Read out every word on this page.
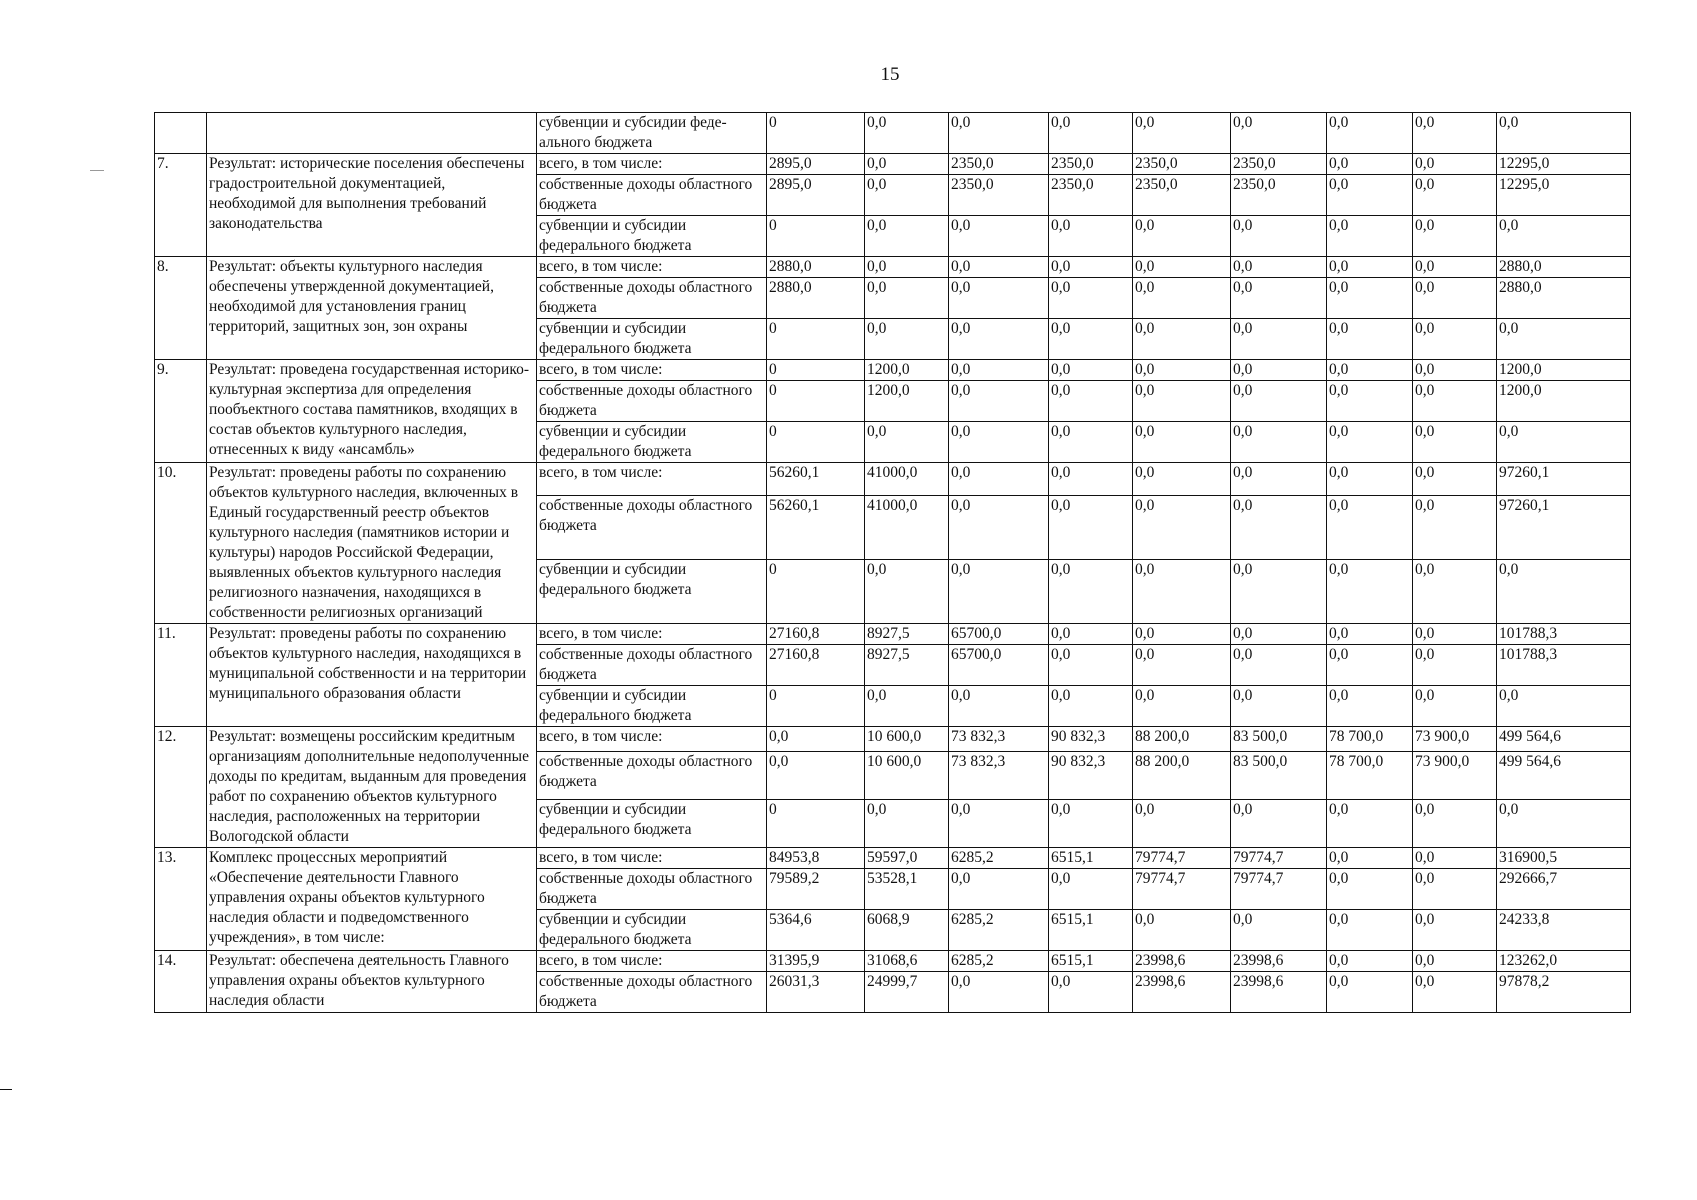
15
		субвенции и субсидии феде-ального бюджета	0	0,0	0,0	0,0	0,0	0,0	0,0	0,0	0,0
7.	Результат: исторические поселения обеспечены градостроительной документацией, необходимой для выполнения требований законодательства	всего, в том числе:	2895,0	0,0	2350,0	2350,0	2350,0	2350,0	0,0	0,0	12295,0
		собственные доходы областного бюджета	2895,0	0,0	2350,0	2350,0	2350,0	2350,0	0,0	0,0	12295,0
		субвенции и субсидии федерального бюджета	0	0,0	0,0	0,0	0,0	0,0	0,0	0,0	0,0
8.	Результат: объекты культурного наследия обеспечены утвержденной документацией, необходимой для установления границ территорий, защитных зон, зон охраны	всего, в том числе:	2880,0	0,0	0,0	0,0	0,0	0,0	0,0	0,0	2880,0
		собственные доходы областного бюджета	2880,0	0,0	0,0	0,0	0,0	0,0	0,0	0,0	2880,0
		субвенции и субсидии федерального бюджета	0	0,0	0,0	0,0	0,0	0,0	0,0	0,0	0,0
9.	Результат: проведена государственная историко-культурная экспертиза для определения пообъектного состава памятников, входящих в состав объектов культурного наследия, отнесенных к виду «ансамбль»	всего, в том числе:	0	1200,0	0,0	0,0	0,0	0,0	0,0	0,0	1200,0
		собственные доходы областного бюджета	0	1200,0	0,0	0,0	0,0	0,0	0,0	0,0	1200,0
		субвенции и субсидии федерального бюджета	0	0,0	0,0	0,0	0,0	0,0	0,0	0,0	0,0
10.	Результат: проведены работы по сохранению объектов культурного наследия, включенных в Единый государственный реестр объектов культурного наследия (памятников истории и культуры) народов Российской Федерации, выявленных объектов культурного наследия религиозного назначения, находящихся в собственности религиозных организаций	всего, в том числе:	56260,1	41000,0	0,0	0,0	0,0	0,0	0,0	0,0	97260,1
		собственные доходы областного бюджета	56260,1	41000,0	0,0	0,0	0,0	0,0	0,0	0,0	97260,1
		субвенции и субсидии федерального бюджета	0	0,0	0,0	0,0	0,0	0,0	0,0	0,0	0,0
11.	Результат: проведены работы по сохранению объектов культурного наследия, находящихся в муниципальной собственности и на территории муниципального образования области	всего, в том числе:	27160,8	8927,5	65700,0	0,0	0,0	0,0	0,0	0,0	101788,3
		собственные доходы областного бюджета	27160,8	8927,5	65700,0	0,0	0,0	0,0	0,0	0,0	101788,3
		субвенции и субсидии федерального бюджета	0	0,0	0,0	0,0	0,0	0,0	0,0	0,0	0,0
12.	Результат: возмещены российским кредитным организациям дополнительные недополученные доходы по кредитам, выданным для проведения работ по сохранению объектов культурного наследия, расположенных на территории Вологодской области	всего, в том числе:	0,0	10 600,0	73 832,3	90 832,3	88 200,0	83 500,0	78 700,0	73 900,0	499 564,6
		собственные доходы областного бюджета	0,0	10 600,0	73 832,3	90 832,3	88 200,0	83 500,0	78 700,0	73 900,0	499 564,6
		субвенции и субсидии федерального бюджета	0	0,0	0,0	0,0	0,0	0,0	0,0	0,0	0,0
13.	Комплекс процессных мероприятий «Обеспечение деятельности Главного управления охраны объектов культурного наследия области и подведомственного учреждения», в том числе:	всего, в том числе:	84953,8	59597,0	6285,2	6515,1	79774,7	79774,7	0,0	0,0	316900,5
		собственные доходы областного бюджета	79589,2	53528,1	0,0	0,0	79774,7	79774,7	0,0	0,0	292666,7
		субвенции и субсидии федерального бюджета	5364,6	6068,9	6285,2	6515,1	0,0	0,0	0,0	0,0	24233,8
14.	Результат: обеспечена деятельность Главного управления охраны объектов культурного наследия области	всего, в том числе:	31395,9	31068,6	6285,2	6515,1	23998,6	23998,6	0,0	0,0	123262,0
		собственные доходы областного бюджета	26031,3	24999,7	0,0	0,0	23998,6	23998,6	0,0	0,0	97878,2
